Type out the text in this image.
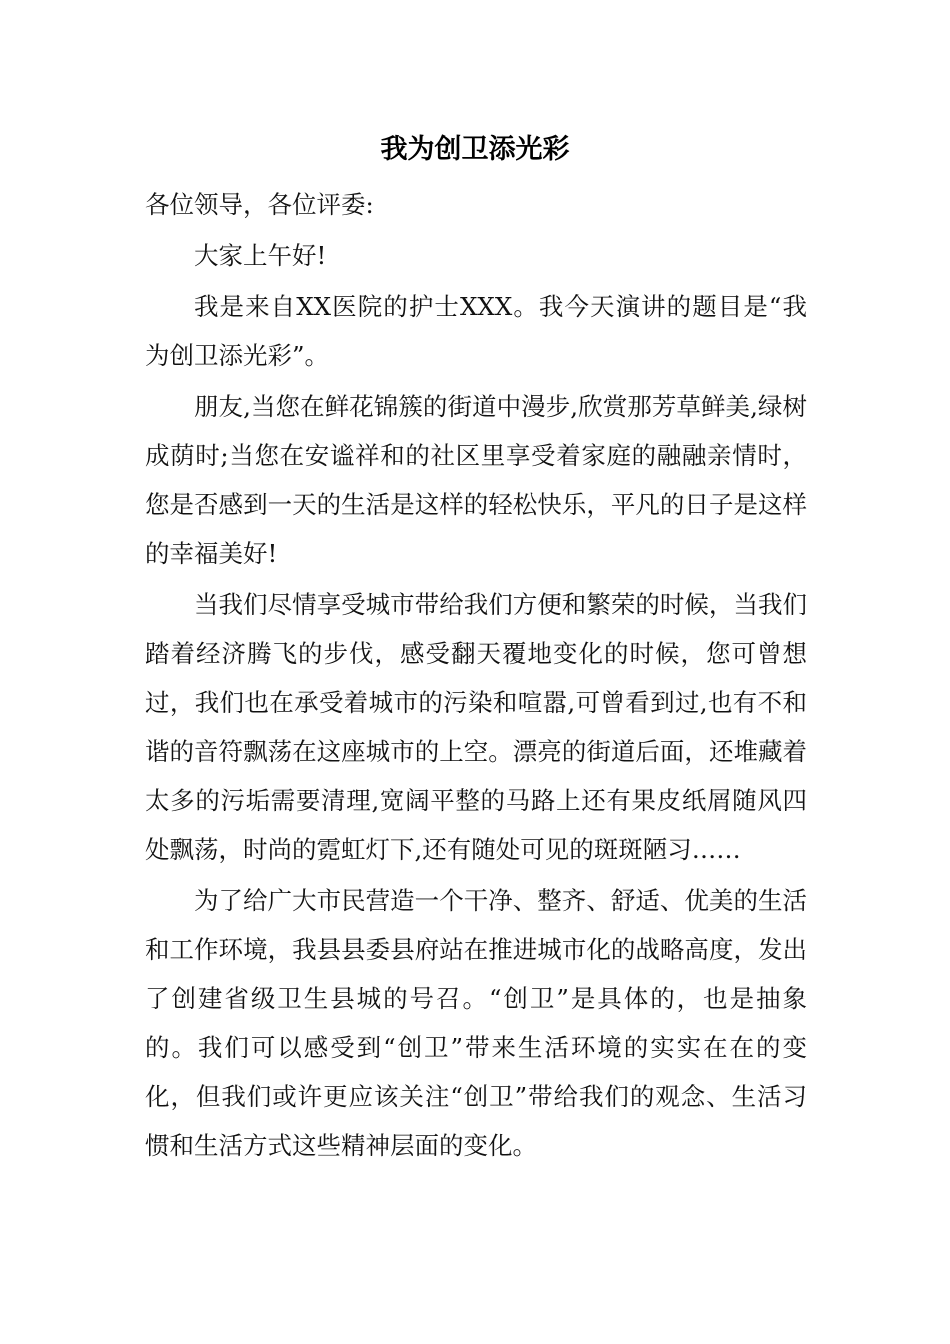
我为创卫添光彩

各位领导，各位评委:

大家上午好!

我是来自XX医院的护士XXX。我今天演讲的题目是“我为创卫添光彩”。

朋友,当您在鲜花锦簇的街道中漫步,欣赏那芳草鲜美,绿树成荫时;当您在安谧祥和的社区里享受着家庭的融融亲情时，您是否感到一天的生活是这样的轻松快乐，平凡的日子是这样的幸福美好!

当我们尽情享受城市带给我们方便和繁荣的时候，当我们踏着经济腾飞的步伐，感受翻天覆地变化的时候，您可曾想过，我们也在承受着城市的污染和喧嚣,可曾看到过,也有不和谐的音符飘荡在这座城市的上空。漂亮的街道后面，还堆藏着太多的污垢需要清理,宽阔平整的马路上还有果皮纸屑随风四处飘荡，时尚的霓虹灯下,还有随处可见的斑斑陋习……

为了给广大市民营造一个干净、整齐、舒适、优美的生活和工作环境，我县县委县府站在推进城市化的战略高度，发出了创建省级卫生县城的号召。“创卫”是具体的，也是抽象的。我们可以感受到“创卫”带来生活环境的实实在在的变化，但我们或许更应该关注“创卫”带给我们的观念、生活习惯和生活方式这些精神层面的变化。
